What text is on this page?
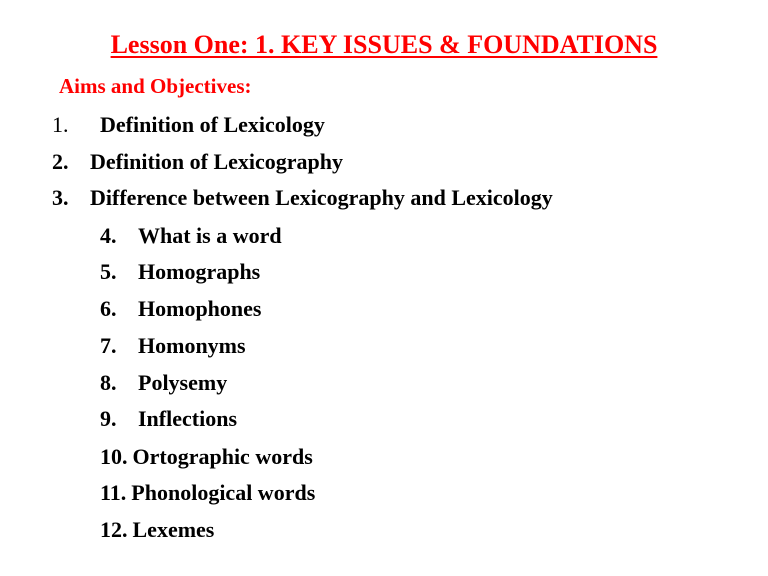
Lesson One: 1. KEY ISSUES & FOUNDATIONS
Aims and Objectives:
1. Definition of Lexicology
2. Definition of Lexicography
3. Difference between Lexicography and Lexicology
4. What is a word
5. Homographs
6. Homophones
7. Homonyms
8. Polysemy
9. Inflections
10. Ortographic words
11. Phonological words
12. Lexemes
